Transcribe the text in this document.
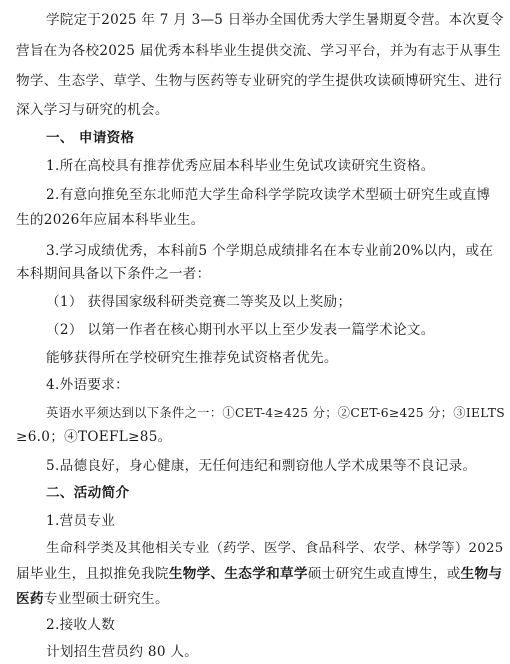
学院定于2025 年 7 月 3—5 日举办全国优秀大学生暑期夏令营。本次夏令
营旨在为各校2025 届优秀本科毕业生提供交流、学习平台，并为有志于从事生
物学、生态学、草学、生物与医药等专业研究的学生提供攻读硕博研究生、进行
深入学习与研究的机会。
一、 申请资格
1.所在高校具有推荐优秀应届本科毕业生免试攻读研究生资格。
2.有意向推免至东北师范大学生命科学学院攻读学术型硕士研究生或直博
生的2026年应届本科毕业生。
3.学习成绩优秀，本科前5 个学期总成绩排名在本专业前20%以内，或在
本科期间具备以下条件之一者：
（1） 获得国家级科研类竞赛二等奖及以上奖励；
（2） 以第一作者在核心期刊水平以上至少发表一篇学术论文。
能够获得所在学校研究生推荐免试资格者优先。
4.外语要求：
英语水平须达到以下条件之一：①CET-4≥425 分；②CET-6≥425 分；③IELTS
≥6.0；④TOEFL≥85。
5.品德良好，身心健康，无任何违纪和剽窃他人学术成果等不良记录。
二、活动简介
1.营员专业
生命科学类及其他相关专业（药学、医学、食品科学、农学、林学等）2025
届毕业生，且拟推免我院生物学、生态学和草学硕士研究生或直博生，或生物与
医药专业型硕士研究生。
2.接收人数
计划招生营员约 80 人。
